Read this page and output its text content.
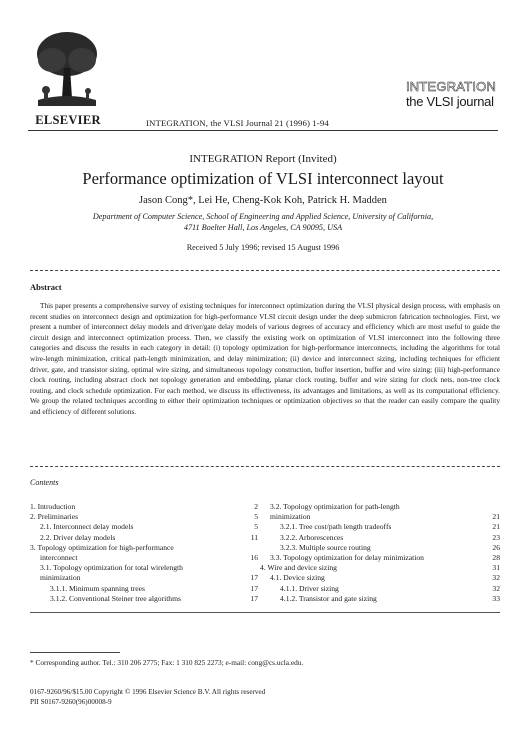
ELSEVIER	INTEGRATION, the VLSI Journal 21 (1996) 1-94
INTEGRATION
the VLSI journal
INTEGRATION Report (Invited)
Performance optimization of VLSI interconnect layout
Jason Cong*, Lei He, Cheng-Kok Koh, Patrick H. Madden
Department of Computer Science, School of Engineering and Applied Science, University of California,
4711 Boelter Hall, Los Angeles, CA 90095, USA
Received 5 July 1996; revised 15 August 1996
Abstract
This paper presents a comprehensive survey of existing techniques for interconnect optimization during the VLSI physical design process, with emphasis on recent studies on interconnect design and optimization for high-performance VLSI circuit design under the deep submicron fabrication technologies. First, we present a number of interconnect delay models and driver/gate delay models of various degrees of accuracy and efficiency which are most useful to guide the circuit design and interconnect optimization process. Then, we classify the existing work on optimization of VLSI interconnect into the following three categories and discuss the results in each category in detail: (i) topology optimization for high-performance interconnects, including the algorithms for total wire-length minimization, critical path-length minimization, and delay minimization; (ii) device and interconnect sizing, including techniques for efficient driver, gate, and transistor sizing, optimal wire sizing, and simultaneous topology construction, buffer insertion, buffer and wire sizing; (iii) high-performance clock routing, including abstract clock net topology generation and embedding, planar clock routing, buffer and wire sizing for clock nets, non-tree clock routing, and clock schedule optimization. For each method, we discuss its effectiveness, its advantages and limitations, as well as its computational efficiency. We group the related techniques according to either their optimization techniques or optimization objectives so that the reader can easily compare the quality and efficiency of different solutions.
Contents
1. Introduction	2
2. Preliminaries	5
2.1. Interconnect delay models	5
2.2. Driver delay models	11
3. Topology optimization for high-performance
interconnect	16
3.1. Topology optimization for total wirelength
minimization	17
3.1.1. Minimum spanning trees	17
3.1.2. Conventional Steiner tree algorithms	17
3.2. Topology optimization for path-length
minimization	21
3.2.1. Tree cost/path length tradeoffs	21
3.2.2. Arborescences	23
3.2.3. Multiple source routing	26
3.3. Topology optimization for delay minimization	28
4. Wire and device sizing	31
4.1. Device sizing	32
4.1.1. Driver sizing	32
4.1.2. Transistor and gate sizing	33
* Corresponding author. Tel.: 310 206 2775; Fax: 1 310 825 2273; e-mail: cong@cs.ucla.edu.
0167-9260/96/$15.00 Copyright © 1996 Elsevier Science B.V. All rights reserved
PII S0167-9260(96)00008-9
